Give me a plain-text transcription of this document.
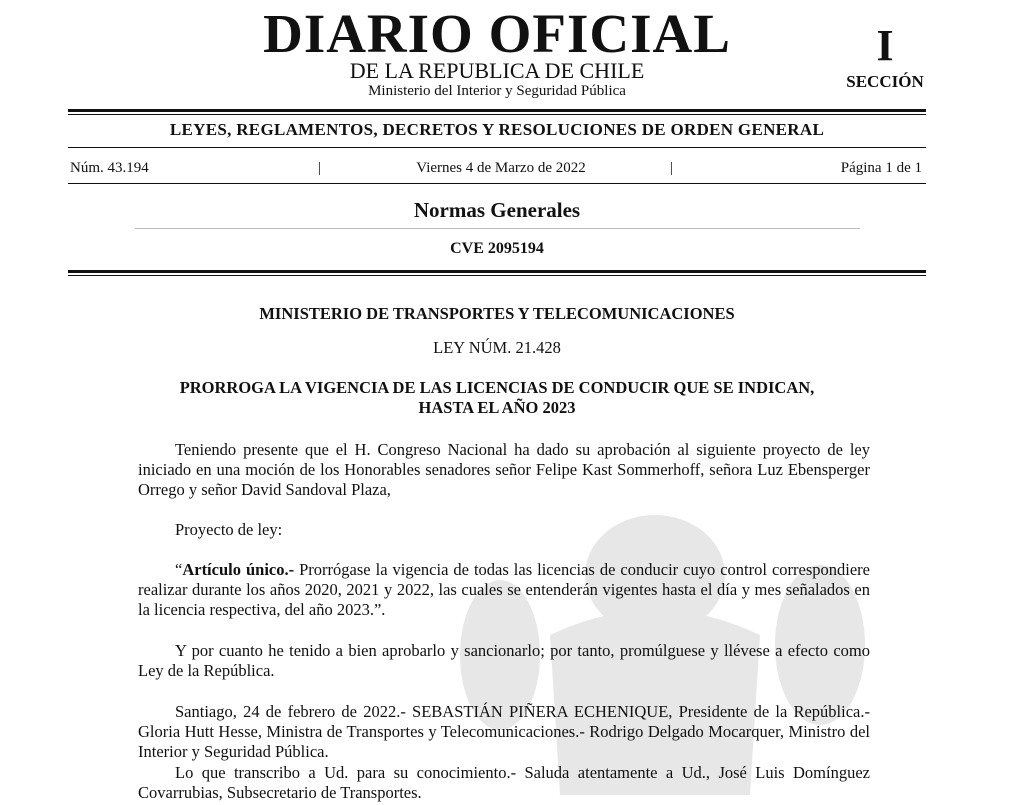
DIARIO OFICIAL
DE LA REPUBLICA DE CHILE
Ministerio del Interior y Seguridad Pública
I
SECCIÓN
LEYES, REGLAMENTOS, DECRETOS Y RESOLUCIONES DE ORDEN GENERAL
Núm. 43.194	|	Viernes 4 de Marzo de 2022	|	Página 1 de 1
Normas Generales
CVE 2095194
MINISTERIO DE TRANSPORTES Y TELECOMUNICACIONES
LEY NÚM. 21.428
PRORROGA LA VIGENCIA DE LAS LICENCIAS DE CONDUCIR QUE SE INDICAN,
HASTA EL AÑO 2023
Teniendo presente que el H. Congreso Nacional ha dado su aprobación al siguiente proyecto de ley iniciado en una moción de los Honorables senadores señor Felipe Kast Sommerhoff, señora Luz Ebensperger Orrego y señor David Sandoval Plaza,
Proyecto de ley:
“Artículo único.- Prorrógase la vigencia de todas las licencias de conducir cuyo control correspondiere realizar durante los años 2020, 2021 y 2022, las cuales se entenderán vigentes hasta el día y mes señalados en la licencia respectiva, del año 2023.”.
Y por cuanto he tenido a bien aprobarlo y sancionarlo; por tanto, promúlguese y llévese a efecto como Ley de la República.
Santiago, 24 de febrero de 2022.- SEBASTIÁN PIÑERA ECHENIQUE, Presidente de la República.- Gloria Hutt Hesse, Ministra de Transportes y Telecomunicaciones.- Rodrigo Delgado Mocarquer, Ministro del Interior y Seguridad Pública.
Lo que transcribo a Ud. para su conocimiento.- Saluda atentamente a Ud., José Luis Domínguez Covarrubias, Subsecretario de Transportes.
